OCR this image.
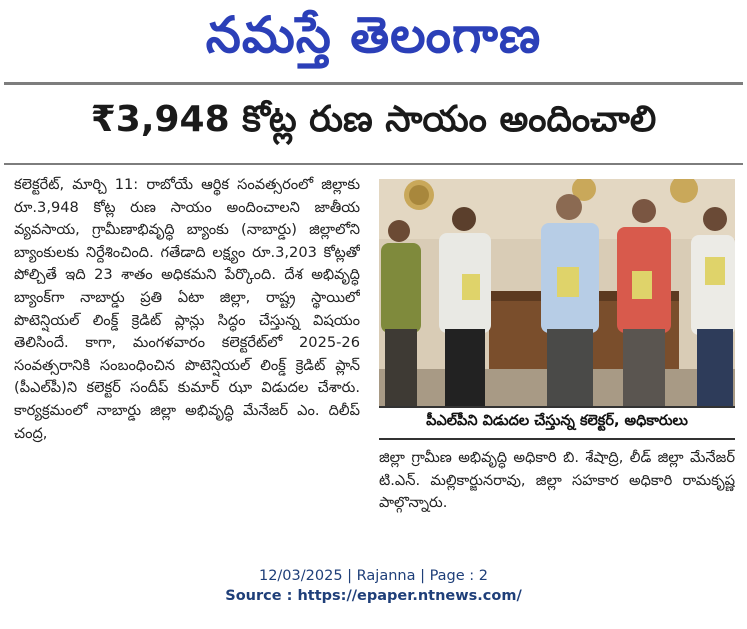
నమస్తే తెలంగాణ
₹3,948 కోట్ల రుణ సాయం అందించాలి
కలెక్టరేట్, మార్చి 11: రాబోయే ఆర్థిక సంవత్సరంలో జిల్లాకు రూ.3,948 కోట్ల రుణ సాయం అందించాలని జాతీయ వ్యవసాయ, గ్రామీణాభివృద్ధి బ్యాంకు (నాబార్డు) జిల్లాలోని బ్యాంకులకు నిర్దేశించింది. గతేడాది లక్ష్యం రూ.3,203 కోట్లతో పోల్చితే ఇది 23 శాతం అధికమని పేర్కొంది. దేశ అభివృద్ధి బ్యాంక్‌గా నాబార్డు ప్రతి ఏటా జిల్లా, రాష్ట్ర స్థాయిలో పొటెన్షియల్ లింక్డ్ క్రెడిట్ ప్లాన్లు సిద్ధం చేస్తున్న విషయం తెలిసిందే. కాగా, మంగళవారం కలెక్టరేట్‌లో 2025-26 సంవత్సరానికి సంబంధించిన పొటెన్షియల్ లింక్డ్ క్రెడిట్ ప్లాన్ (పీఎల్‌పీ)ని కలెక్టర్ సందీప్ కుమార్ ఝా విడుదల చేశారు. కార్యక్రమంలో నాబార్డు జిల్లా అభివృద్ధి మేనేజర్ ఎం. దిలీప్ చంద్ర,
పీఎల్‌పీని విడుదల చేస్తున్న కలెక్టర్, అధికారులు
జిల్లా గ్రామీణ అభివృద్ధి అధికారి బి. శేషాద్రి, లీడ్ జిల్లా మేనేజర్ టి.ఎన్. మల్లికార్జునరావు, జిల్లా సహకార అధికారి రామకృష్ణ పాల్గొన్నారు.
12/03/2025 | Rajanna | Page : 2
Source : https://epaper.ntnews.com/
